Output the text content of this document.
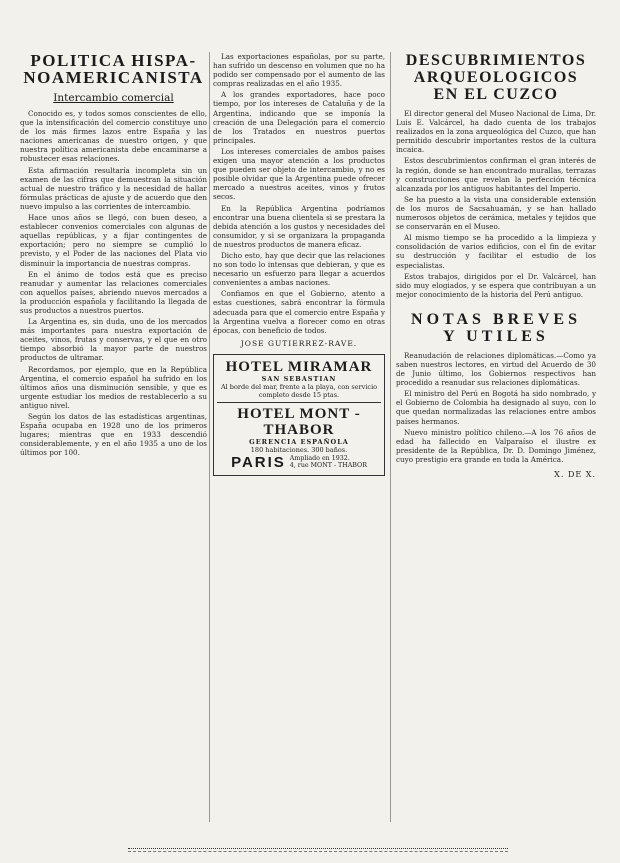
POLITICA HISPA-
NOAMERICANISTA
Intercambio comercial

Conocido es, y todos somos conscientes de ello, que la intensificación del comercio constituye uno de los más firmes lazos entre España y las naciones americanas de nuestro origen, y que nuestra política americanista debe encaminarse a robustecer esas relaciones.

Esta afirmación resultaría incompleta sin un examen de las cifras que demuestran la situación actual de nuestro tráfico y la necesidad de hallar fórmulas prácticas de ajuste y de acuerdo que den nuevo impulso a las corrientes de intercambio.

Hace unos años se llegó, con buen deseo, a establecer convenios comerciales con algunas de aquellas repúblicas, y a fijar contingentes de exportación; pero no siempre se cumplió lo previsto, y el Poder de las naciones del Plata vio disminuir la importancia de nuestras compras.

En el ánimo de todos está que es preciso reanudar y aumentar las relaciones comerciales con aquellos países, abriendo nuevos mercados a la producción española y facilitando la llegada de sus productos a nuestros puertos.

La Argentina es, sin duda, uno de los mercados más importantes para nuestra exportación de aceites, vinos, frutas y conservas, y el que en otro tiempo absorbió la mayor parte de nuestros productos de ultramar.

Recordamos, por ejemplo, que en la República Argentina, el comercio español ha sufrido en los últimos años una disminución sensible, y que es urgente estudiar los medios de restablecerlo a su antiguo nivel.

Según los datos de las estadísticas argentinas, España ocupaba en 1928 uno de los primeros lugares; mientras que en 1933 descendió considerablemente, y en el año 1935 a uno de los últimos por 100.

Las exportaciones españolas, por su parte, han sufrido un descenso en volumen que no ha podido ser compensado por el aumento de las compras realizadas en el año 1935.

A los grandes exportadores, hace poco tiempo, por los intereses de Cataluña y de la Argentina, indicando que se imponía la creación de una Delegación para el comercio de los Tratados en nuestros puertos principales.

Los intereses comerciales de ambos países exigen una mayor atención a los productos que pueden ser objeto de intercambio, y no es posible olvidar que la Argentina puede ofrecer mercado a nuestros aceites, vinos y frutos secos.

En la República Argentina podríamos encontrar una buena clientela si se prestara la debida atención a los gustos y necesidades del consumidor, y si se organizara la propaganda de nuestros productos de manera eficaz.

Dicho esto, hay que decir que las relaciones no son todo lo intensas que debieran, y que es necesario un esfuerzo para llegar a acuerdos convenientes a ambas naciones.

Confiamos en que el Gobierno, atento a estas cuestiones, sabrá encontrar la fórmula adecuada para que el comercio entre España y la Argentina vuelva a florecer como en otras épocas, con beneficio de todos.

JOSE GUTIERREZ-RAVE.
HOTEL MIRAMAR
SAN SEBASTIAN
Al borde del mar, frente a la playa, con servicio completo desde 15 ptas.
HOTEL MONT - THABOR
GERENCIA ESPAÑOLA
180 habitaciones. 300 baños.
PARIS Ampliado en 1932.
4, rue MONT - THABOR
DESCUBRIMIENTOS
ARQUEOLOGICOS
EN EL CUZCO

El director general del Museo Nacional de Lima, Dr. Luis E. Valcárcel, ha dado cuenta de los trabajos realizados en la zona arqueológica del Cuzco, que han permitido descubrir importantes restos de la cultura incaica.

Estos descubrimientos confirman el gran interés de la región, donde se han encontrado murallas, terrazas y construcciones que revelan la perfección técnica alcanzada por los antiguos habitantes del Imperio.

Se ha puesto a la vista una considerable extensión de los muros de Sacsahuamán, y se han hallado numerosos objetos de cerámica, metales y tejidos que se conservarán en el Museo.

Al mismo tiempo se ha procedido a la limpieza y consolidación de varios edificios, con el fin de evitar su destrucción y facilitar el estudio de los especialistas.

Estos trabajos, dirigidos por el Dr. Valcárcel, han sido muy elogiados, y se espera que contribuyan a un mejor conocimiento de la historia del Perú antiguo.

NOTAS BREVES
Y UTILES

Reanudación de relaciones diplomáticas.—Como ya saben nuestros lectores, en virtud del Acuerdo de 30 de Junio último, los Gobiernos respectivos han procedido a reanudar sus relaciones diplomáticas.

El ministro del Perú en Bogotá ha sido nombrado, y el Gobierno de Colombia ha designado al suyo, con lo que quedan normalizadas las relaciones entre ambos países hermanos.

Nuevo ministro político chileno.—A los 76 años de edad ha fallecido en Valparaíso el ilustre ex presidente de la República, Dr. D. Domingo Jiménez, cuyo prestigio era grande en toda la América.

X. DE X.
